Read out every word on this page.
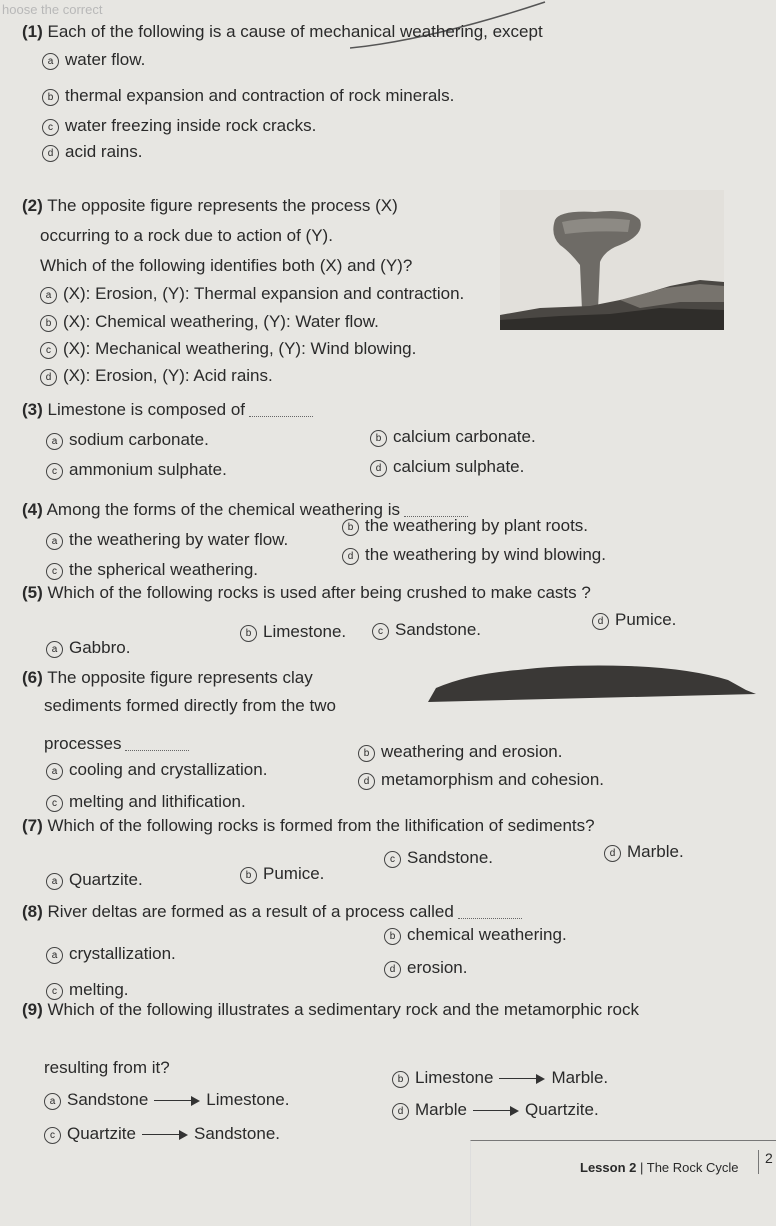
hoose the correct
(1) Each of the following is a cause of mechanical weathering, except
a water flow.
b thermal expansion and contraction of rock minerals.
c water freezing inside rock cracks.
d acid rains.
(2) The opposite figure represents the process (X)
occurring to a rock due to action of (Y).
Which of the following identifies both (X) and (Y)?
a (X): Erosion, (Y): Thermal expansion and contraction.
b (X): Chemical weathering, (Y): Water flow.
c (X): Mechanical weathering, (Y): Wind blowing.
d (X): Erosion, (Y): Acid rains.
(3) Limestone is composed of
a sodium carbonate.	b calcium carbonate.
c ammonium sulphate.	d calcium sulphate.
(4) Among the forms of the chemical weathering is
a the weathering by water flow.
b the weathering by plant roots.
c the spherical weathering.
d the weathering by wind blowing.
(5) Which of the following rocks is used after being crushed to make casts ?
a Gabbro.
b Limestone.	c Sandstone.	d Pumice.
(6) The opposite figure represents clay
sediments formed directly from the two
processes
a cooling and crystallization.
b weathering and erosion.
c melting and lithification.
d metamorphism and cohesion.
(7) Which of the following rocks is formed from the lithification of sediments?
a Quartzite.	b Pumice.
c Sandstone.	d Marble.
(8) River deltas are formed as a result of a process called
a crystallization.
b chemical weathering.
c melting.
d erosion.
(9) Which of the following illustrates a sedimentary rock and the metamorphic rock
resulting from it?
a Sandstone	Limestone.
b Limestone	Marble.
c Quartzite	Sandstone.
d Marble	Quartzite.
Lesson 2 | The Rock Cycle
2
